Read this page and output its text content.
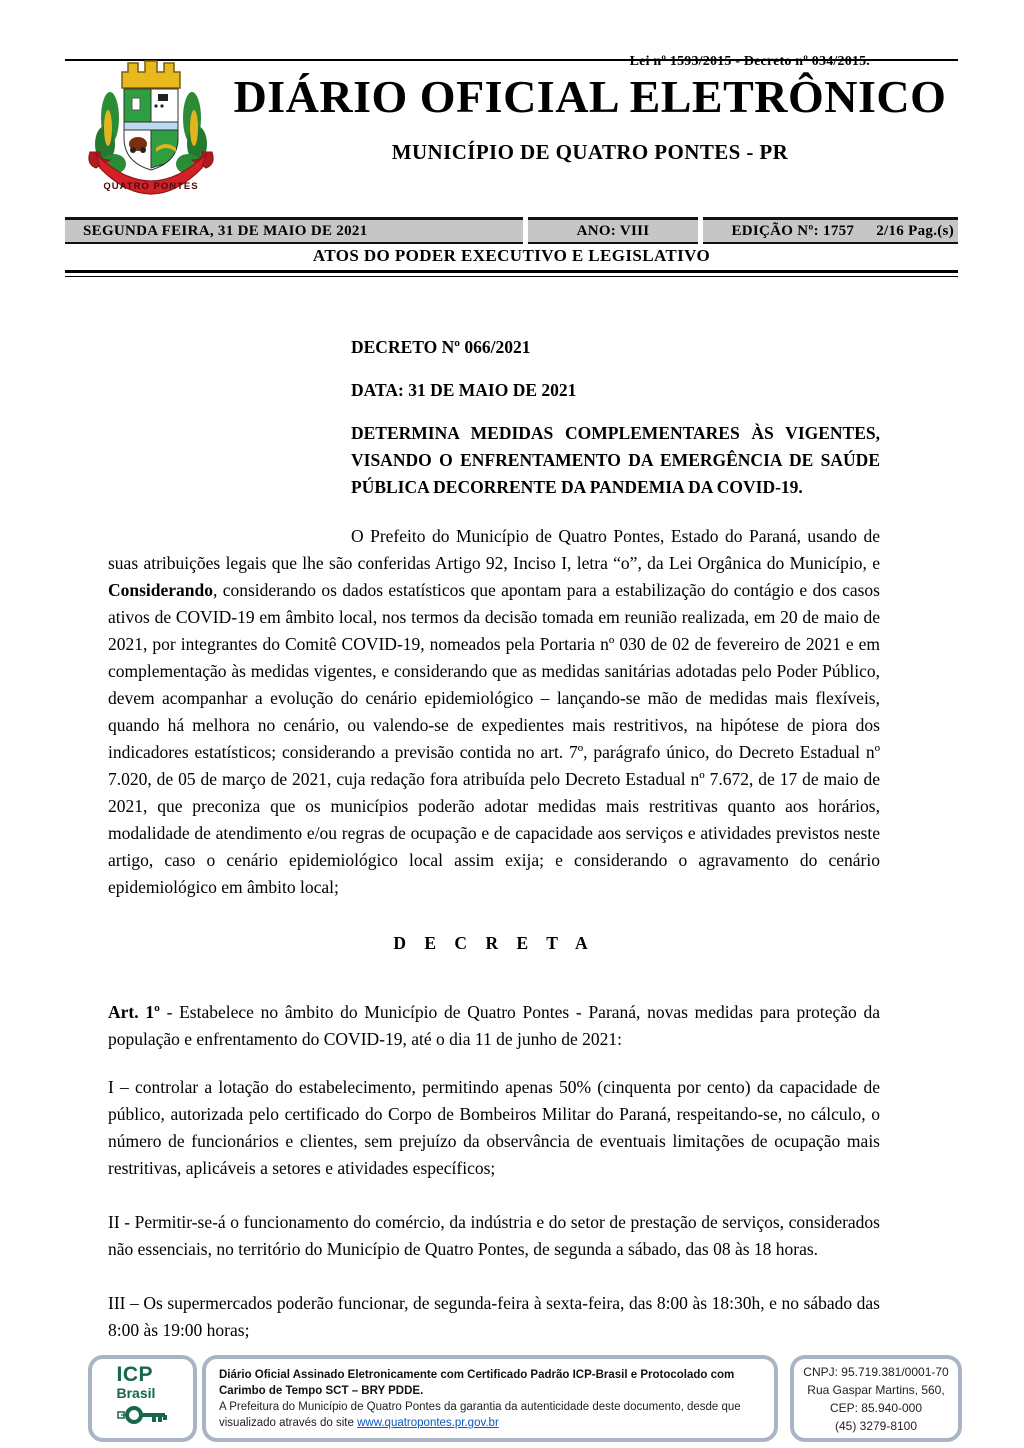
Lei nº 1593/2015 - Decreto nº 034/2015.
QUATRO PONTES
DIÁRIO OFICIAL ELETRÔNICO
MUNICÍPIO DE QUATRO PONTES - PR
SEGUNDA FEIRA, 31 DE MAIO DE 2021	ANO: VIII	EDIÇÃO Nº: 1757 2/16 Pag.(s)
ATOS DO PODER EXECUTIVO E LEGISLATIVO
DECRETO Nº 066/2021
DATA: 31 DE MAIO DE 2021
DETERMINA MEDIDAS COMPLEMENTARES ÀS VIGENTES, VISANDO O ENFRENTAMENTO DA EMERGÊNCIA DE SAÚDE PÚBLICA DECORRENTE DA PANDEMIA DA COVID-19.

O Prefeito do Município de Quatro Pontes, Estado do Paraná, usando de suas atribuições legais que lhe são conferidas Artigo 92, Inciso I, letra “o”, da Lei Orgânica do Município, e Considerando, considerando os dados estatísticos que apontam para a estabilização do contágio e dos casos ativos de COVID-19 em âmbito local, nos termos da decisão tomada em reunião realizada, em 20 de maio de 2021, por integrantes do Comitê COVID-19, nomeados pela Portaria nº 030 de 02 de fevereiro de 2021 e em complementação às medidas vigentes, e considerando que as medidas sanitárias adotadas pelo Poder Público, devem acompanhar a evolução do cenário epidemiológico – lançando-se mão de medidas mais flexíveis, quando há melhora no cenário, ou valendo-se de expedientes mais restritivos, na hipótese de piora dos indicadores estatísticos; considerando a previsão contida no art. 7º, parágrafo único, do Decreto Estadual nº 7.020, de 05 de março de 2021, cuja redação fora atribuída pelo Decreto Estadual nº 7.672, de 17 de maio de 2021, que preconiza que os municípios poderão adotar medidas mais restritivas quanto aos horários, modalidade de atendimento e/ou regras de ocupação e de capacidade aos serviços e atividades previstos neste artigo, caso o cenário epidemiológico local assim exija; e considerando o agravamento do cenário epidemiológico em âmbito local;

D E C R E T A

Art. 1º - Estabelece no âmbito do Município de Quatro Pontes - Paraná, novas medidas para proteção da população e enfrentamento do COVID-19, até o dia 11 de junho de 2021:

I – controlar a lotação do estabelecimento, permitindo apenas 50% (cinquenta por cento) da capacidade de público, autorizada pelo certificado do Corpo de Bombeiros Militar do Paraná, respeitando-se, no cálculo, o número de funcionários e clientes, sem prejuízo da observância de eventuais limitações de ocupação mais restritivas, aplicáveis a setores e atividades específicos;

II - Permitir-se-á o funcionamento do comércio, da indústria e do setor de prestação de serviços, considerados não essenciais, no território do Município de Quatro Pontes, de segunda a sábado, das 08 às 18 horas.

III – Os supermercados poderão funcionar, de segunda-feira à sexta-feira, das 8:00 às 18:30h, e no sábado das 8:00 às 19:00 horas;

ICP
Brasil
Diário Oficial Assinado Eletronicamente com Certificado Padrão ICP-Brasil e Protocolado com Carimbo de Tempo SCT – BRY PDDE.
A Prefeitura do Município de Quatro Pontes da garantia da autenticidade deste documento, desde que visualizado através do site www.quatropontes.pr.gov.br
CNPJ: 95.719.381/0001-70
Rua Gaspar Martins, 560,
CEP: 85.940-000
(45) 3279-8100
